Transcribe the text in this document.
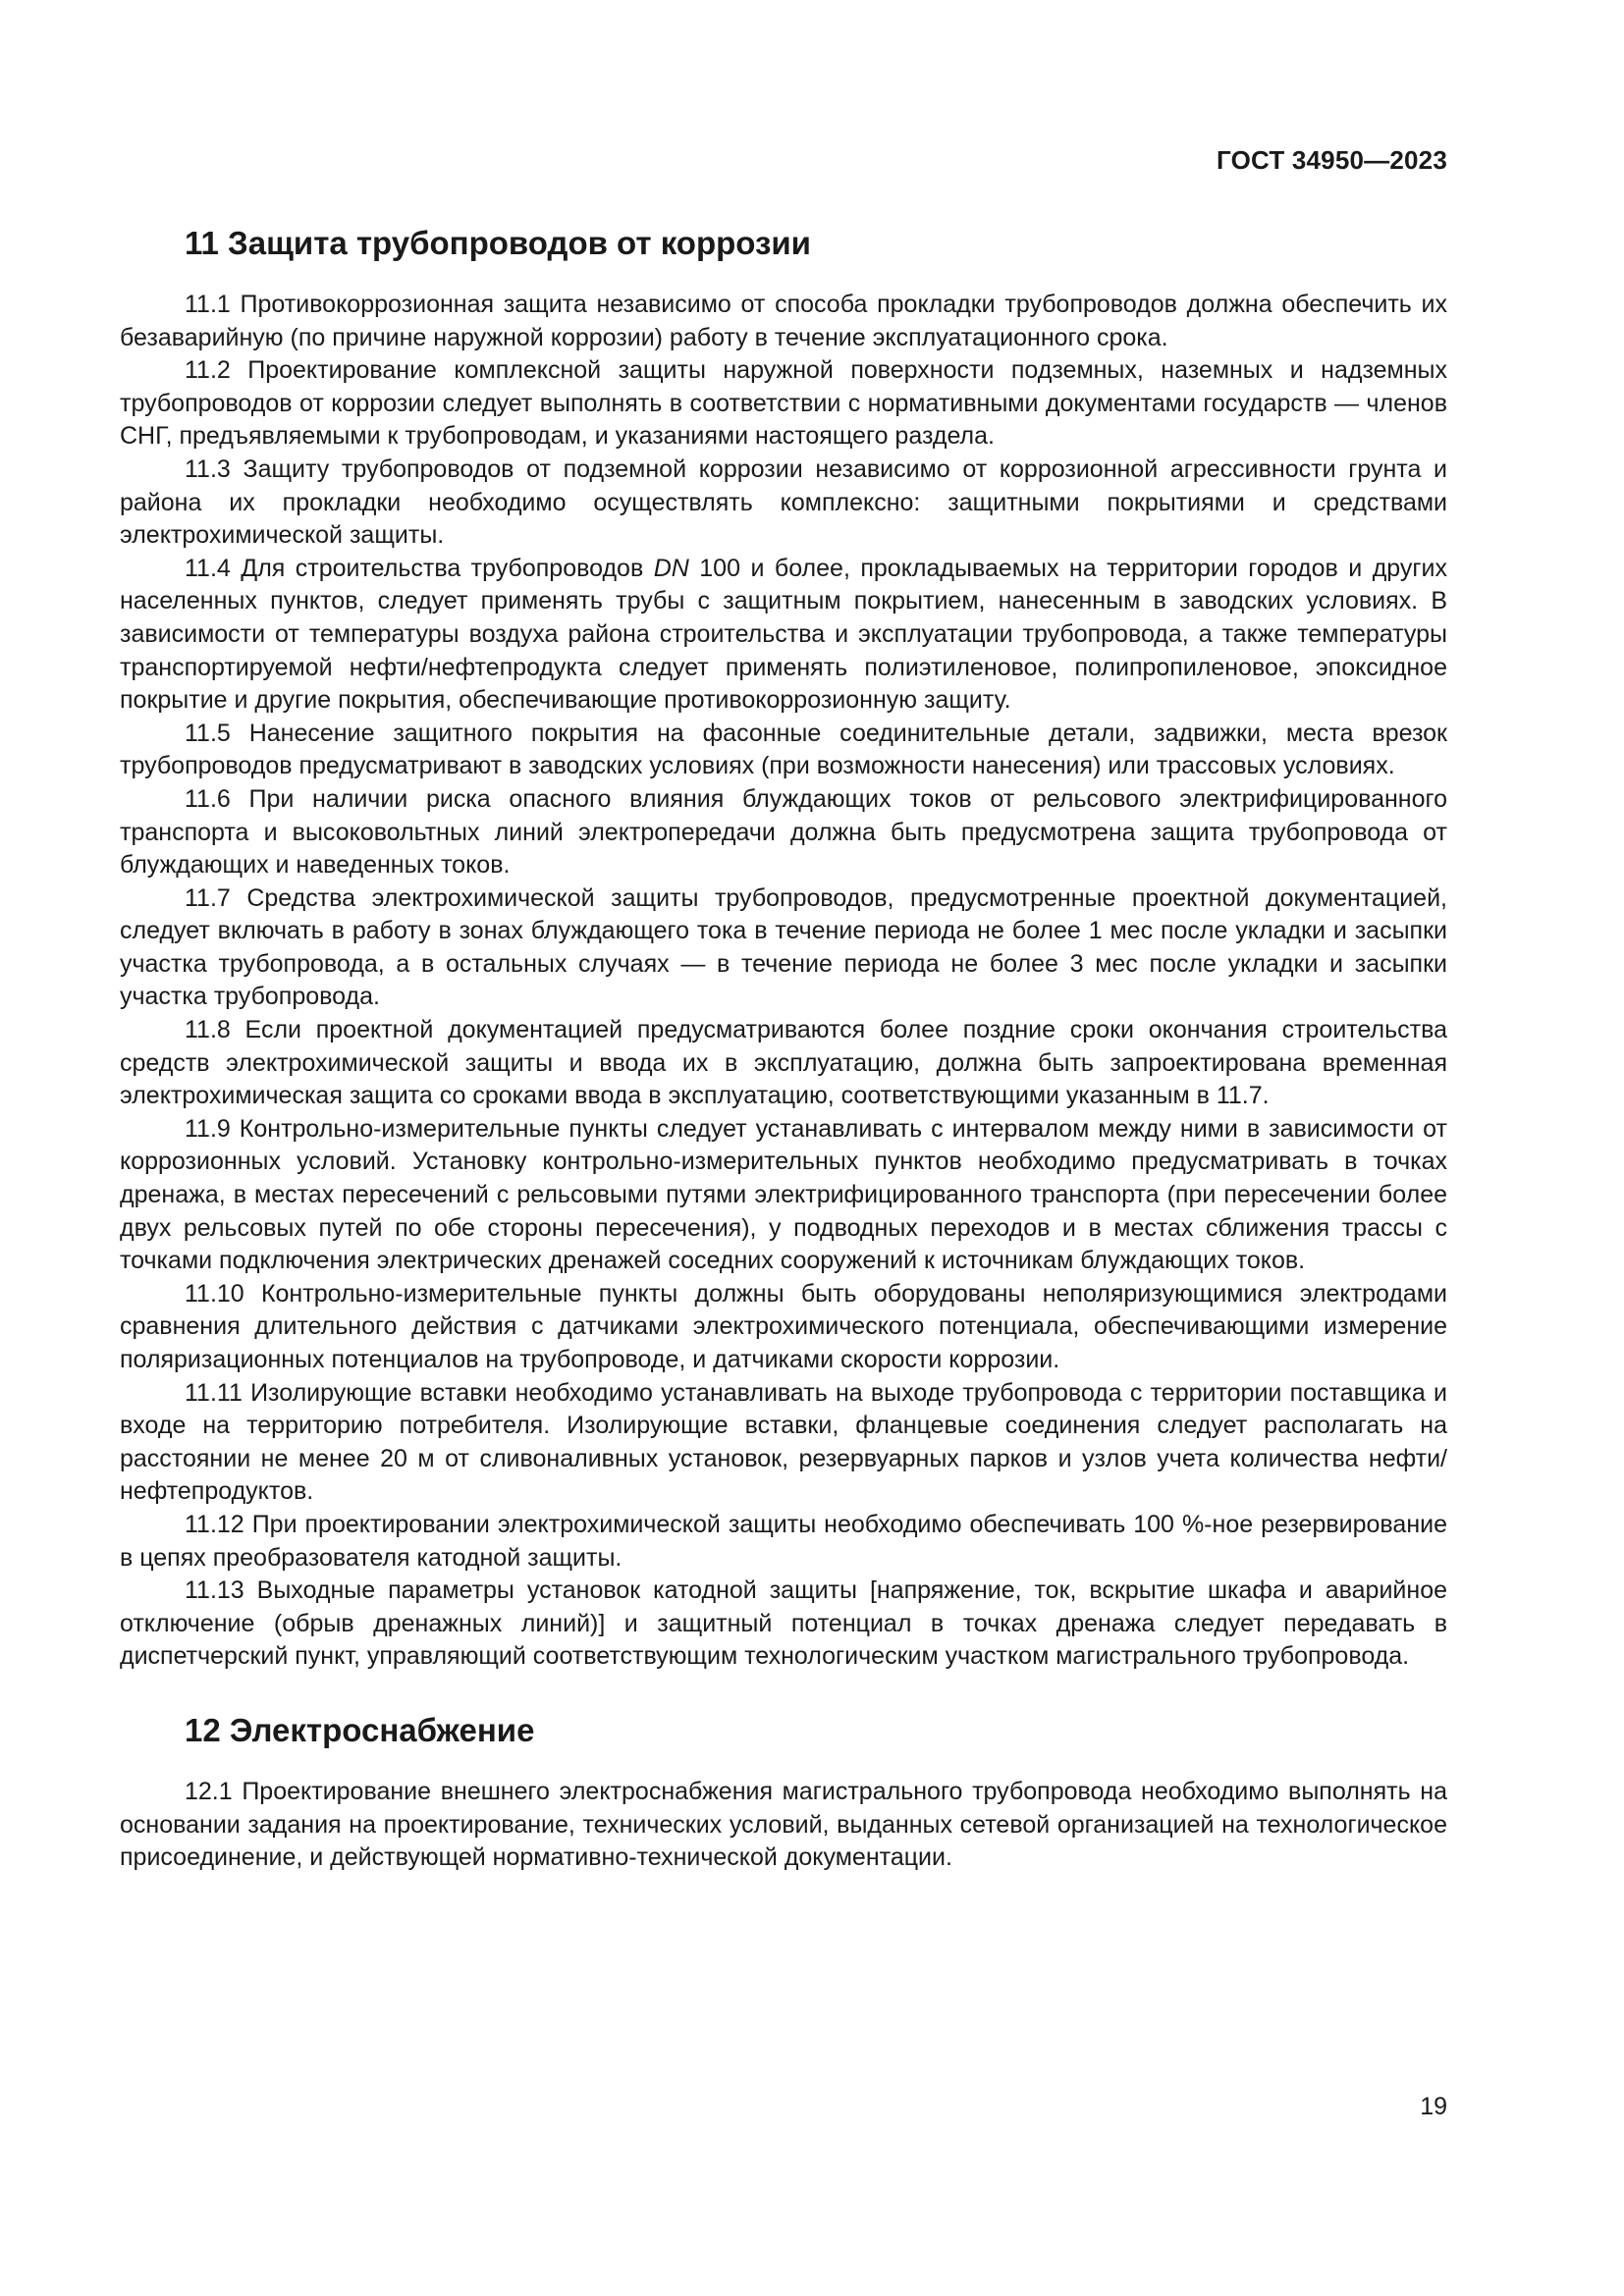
ГОСТ 34950—2023
11 Защита трубопроводов от коррозии

11.1 Противокоррозионная защита независимо от способа прокладки трубопроводов должна обеспечить их безаварийную (по причине наружной коррозии) работу в течение эксплуатационного срока.

11.2 Проектирование комплексной защиты наружной поверхности подземных, наземных и надземных трубопроводов от коррозии следует выполнять в соответствии с нормативными документами государств — членов СНГ, предъявляемыми к трубопроводам, и указаниями настоящего раздела.

11.3 Защиту трубопроводов от подземной коррозии независимо от коррозионной агрессивности грунта и района их прокладки необходимо осуществлять комплексно: защитными покрытиями и средствами электрохимической защиты.

11.4 Для строительства трубопроводов DN 100 и более, прокладываемых на территории городов и других населенных пунктов, следует применять трубы с защитным покрытием, нанесенным в заводских условиях. В зависимости от температуры воздуха района строительства и эксплуатации трубопровода, а также температуры транспортируемой нефти/нефтепродукта следует применять полиэтиленовое, полипропиленовое, эпоксидное покрытие и другие покрытия, обеспечивающие противокоррозионную защиту.

11.5 Нанесение защитного покрытия на фасонные соединительные детали, задвижки, места врезок трубопроводов предусматривают в заводских условиях (при возможности нанесения) или трассовых условиях.

11.6 При наличии риска опасного влияния блуждающих токов от рельсового электрифицированного транспорта и высоковольтных линий электропередачи должна быть предусмотрена защита трубопровода от блуждающих и наведенных токов.

11.7 Средства электрохимической защиты трубопроводов, предусмотренные проектной документацией, следует включать в работу в зонах блуждающего тока в течение периода не более 1 мес после укладки и засыпки участка трубопровода, а в остальных случаях — в течение периода не более 3 мес после укладки и засыпки участка трубопровода.

11.8 Если проектной документацией предусматриваются более поздние сроки окончания строительства средств электрохимической защиты и ввода их в эксплуатацию, должна быть запроектирована временная электрохимическая защита со сроками ввода в эксплуатацию, соответствующими указанным в 11.7.

11.9 Контрольно-измерительные пункты следует устанавливать с интервалом между ними в зависимости от коррозионных условий. Установку контрольно-измерительных пунктов необходимо предусматривать в точках дренажа, в местах пересечений с рельсовыми путями электрифицированного транспорта (при пересечении более двух рельсовых путей по обе стороны пересечения), у подводных переходов и в местах сближения трассы с точками подключения электрических дренажей соседних сооружений к источникам блуждающих токов.

11.10 Контрольно-измерительные пункты должны быть оборудованы неполяризующимися электродами сравнения длительного действия с датчиками электрохимического потенциала, обеспечивающими измерение поляризационных потенциалов на трубопроводе, и датчиками скорости коррозии.

11.11 Изолирующие вставки необходимо устанавливать на выходе трубопровода с территории поставщика и входе на территорию потребителя. Изолирующие вставки, фланцевые соединения следует располагать на расстоянии не менее 20 м от сливоналивных установок, резервуарных парков и узлов учета количества нефти/нефтепродуктов.

11.12 При проектировании электрохимической защиты необходимо обеспечивать 100 %-ное резервирование в цепях преобразователя катодной защиты.

11.13 Выходные параметры установок катодной защиты [напряжение, ток, вскрытие шкафа и аварийное отключение (обрыв дренажных линий)] и защитный потенциал в точках дренажа следует передавать в диспетчерский пункт, управляющий соответствующим технологическим участком магистрального трубопровода.

12 Электроснабжение

12.1 Проектирование внешнего электроснабжения магистрального трубопровода необходимо выполнять на основании задания на проектирование, технических условий, выданных сетевой организацией на технологическое присоединение, и действующей нормативно-технической документации.

19
